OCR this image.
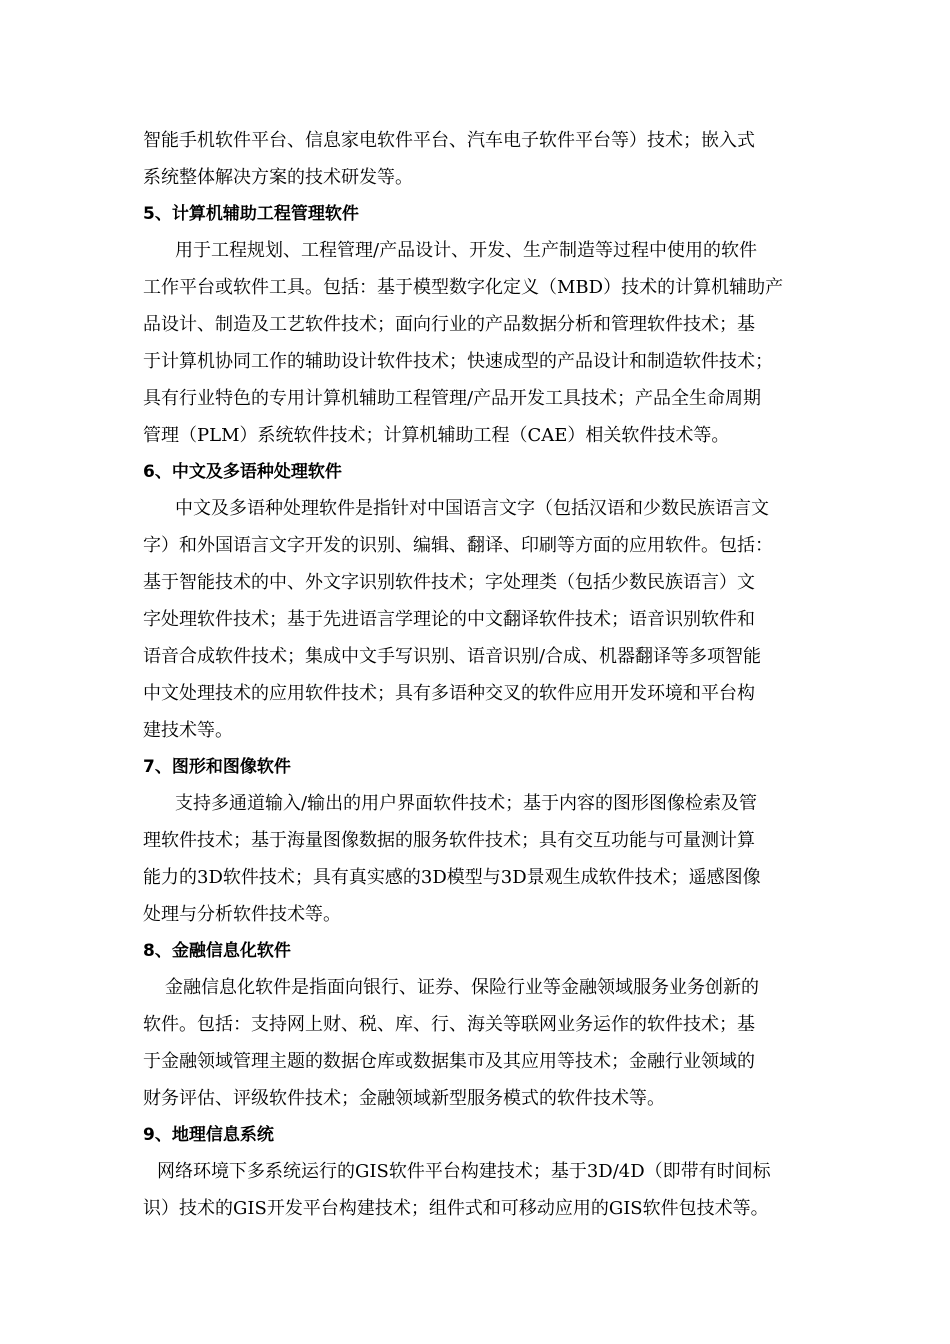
智能手机软件平台、信息家电软件平台、汽车电子软件平台等）技术；嵌入式
系统整体解决方案的技术研发等。
5、计算机辅助工程管理软件
用于工程规划、工程管理/产品设计、开发、生产制造等过程中使用的软件
工作平台或软件工具。包括：基于模型数字化定义（MBD）技术的计算机辅助产
品设计、制造及工艺软件技术；面向行业的产品数据分析和管理软件技术；基
于计算机协同工作的辅助设计软件技术；快速成型的产品设计和制造软件技术；
具有行业特色的专用计算机辅助工程管理/产品开发工具技术；产品全生命周期
管理（PLM）系统软件技术；计算机辅助工程（CAE）相关软件技术等。
6、中文及多语种处理软件
中文及多语种处理软件是指针对中国语言文字（包括汉语和少数民族语言文
字）和外国语言文字开发的识别、编辑、翻译、印刷等方面的应用软件。包括：
基于智能技术的中、外文字识别软件技术；字处理类（包括少数民族语言）文
字处理软件技术；基于先进语言学理论的中文翻译软件技术；语音识别软件和
语音合成软件技术；集成中文手写识别、语音识别/合成、机器翻译等多项智能
中文处理技术的应用软件技术；具有多语种交叉的软件应用开发环境和平台构
建技术等。
7、图形和图像软件
支持多通道输入/输出的用户界面软件技术；基于内容的图形图像检索及管
理软件技术；基于海量图像数据的服务软件技术；具有交互功能与可量测计算
能力的3D软件技术；具有真实感的3D模型与3D景观生成软件技术；遥感图像
处理与分析软件技术等。
8、金融信息化软件
金融信息化软件是指面向银行、证券、保险行业等金融领域服务业务创新的
软件。包括：支持网上财、税、库、行、海关等联网业务运作的软件技术；基
于金融领域管理主题的数据仓库或数据集市及其应用等技术；金融行业领域的
财务评估、评级软件技术；金融领域新型服务模式的软件技术等。
9、地理信息系统
网络环境下多系统运行的GIS软件平台构建技术；基于3D/4D（即带有时间标
识）技术的GIS开发平台构建技术；组件式和可移动应用的GIS软件包技术等。
